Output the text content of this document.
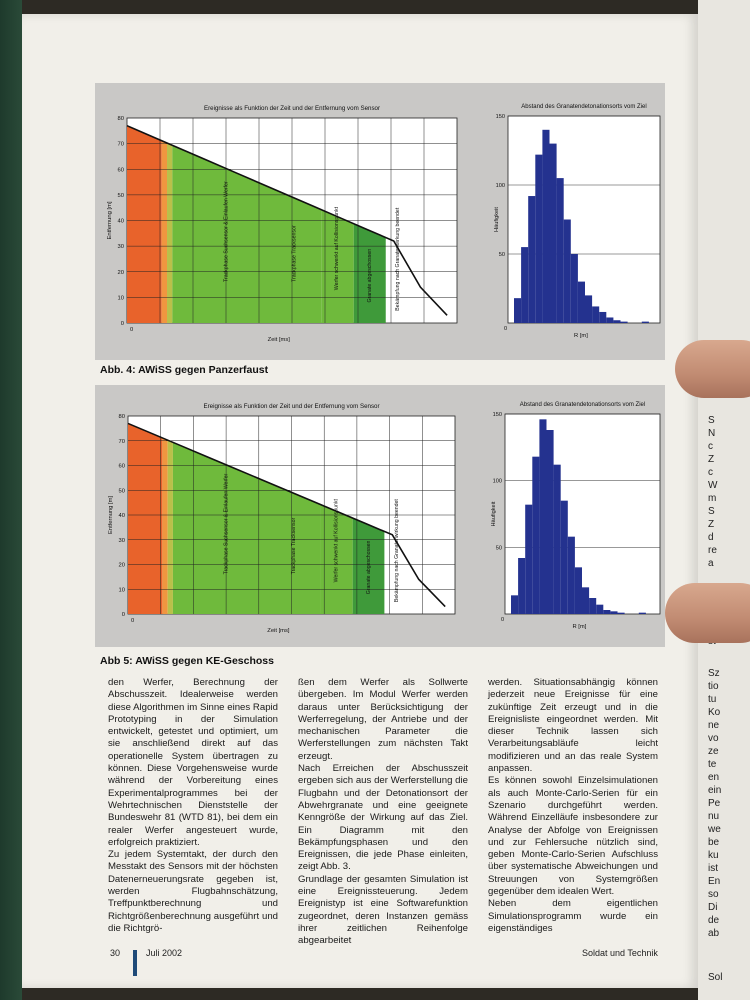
Ereignisse als Funktion der Zeit und der Entfernung vom Sensor
0
10
20
30
40
50
60
70
80
0
Zeit [ms]
Entfernung [m]	Trackphase Suchsensor & Einlaufen Werfer	Trackphase Tracksensor	Werfer schwenkt auf Kollisionspunkt	Granate abgeschossen	Bekämpfung nach Granatenwirkung beendet
Abstand des Granatendetonationsorts vom Ziel
50
100
150
0
R [m]
Häufigkeit
Abb. 4: AWiSS gegen Panzerfaust
Ereignisse als Funktion der Zeit und der Entfernung vom Sensor
0
10
20
30
40
50
60
70
80
0
Zeit [ms]
Entfernung [m]	Trackphase Suchsensor & Einlaufen Werfer	Trackphase Tracksensor	Werfer schwenkt auf Kollisionspunkt	Granate abgeschossen	Bekämpfung nach Granatenwirkung beendet
Abstand des Granatendetonationsorts vom Ziel
50
100
150
0
R [m]
Häufigkeit
Abb 5: AWiSS gegen KE-Geschoss

den Werfer, Berechnung der Abschusszeit. Idealerweise werden diese Algorithmen im Sinne eines Rapid Prototyping in der Simulation entwickelt, getestet und optimiert, um sie anschließend direkt auf das operationelle System übertragen zu können. Diese Vorgehensweise wurde während der Vorbereitung eines Experimentalprogrammes bei der Wehrtechnischen Dienststelle der Bundeswehr 81 (WTD 81), bei dem ein realer Werfer angesteuert wurde, erfolgreich praktiziert.

Zu jedem Systemtakt, der durch den Messtakt des Sensors mit der höchsten Datenerneuerungsrate gegeben ist, werden Flugbahnschätzung, Treffpunktberechnung und Richtgrößenberechnung ausgeführt und die Richtgrö-

ßen dem Werfer als Sollwerte übergeben. Im Modul Werfer werden daraus unter Berücksichtigung der Werferregelung, der Antriebe und der mechanischen Parameter die Werferstellungen zum nächsten Takt erzeugt.

Nach Erreichen der Abschusszeit ergeben sich aus der Werferstellung die Flugbahn und der Detonationsort der Abwehrgranate und eine geeignete Kenngröße der Wirkung auf das Ziel. Ein Diagramm mit den Bekämpfungsphasen und den Ereignissen, die jede Phase einleiten, zeigt Abb. 3.

Grundlage der gesamten Simulation ist eine Ereignissteuerung. Jedem Ereignistyp ist eine Softwarefunktion zugeordnet, deren Instanzen gemäss ihrer zeitlichen Reihenfolge abgearbeitet

werden. Situationsabhängig können jederzeit neue Ereignisse für eine zukünftige Zeit erzeugt und in die Ereignisliste eingeordnet werden. Mit dieser Technik lassen sich Verarbeitungsabläufe leicht modifizieren und an das reale System anpassen.

Es können sowohl Einzelsimulationen als auch Monte-Carlo-Serien für ein Szenario durchgeführt werden. Während Einzelläufe insbesondere zur Analyse der Abfolge von Ereignissen und zur Fehlersuche nützlich sind, geben Monte-Carlo-Serien Aufschluss über systematische Abweichungen und Streuungen von Systemgrößen gegenüber dem idealen Wert.

Neben dem eigentlichen Simulationsprogramm wurde ein eigenständiges

30	Juli 2002	Soldat und Technik
S
N
c
Z
c
W
m
S
Z
d
re
a
Sz
tio
tu
Ko
ne
vo
ze
te
en
ein
Pe
nu
we
be
ku
ist
En
so
Di
de
ab
Sol
